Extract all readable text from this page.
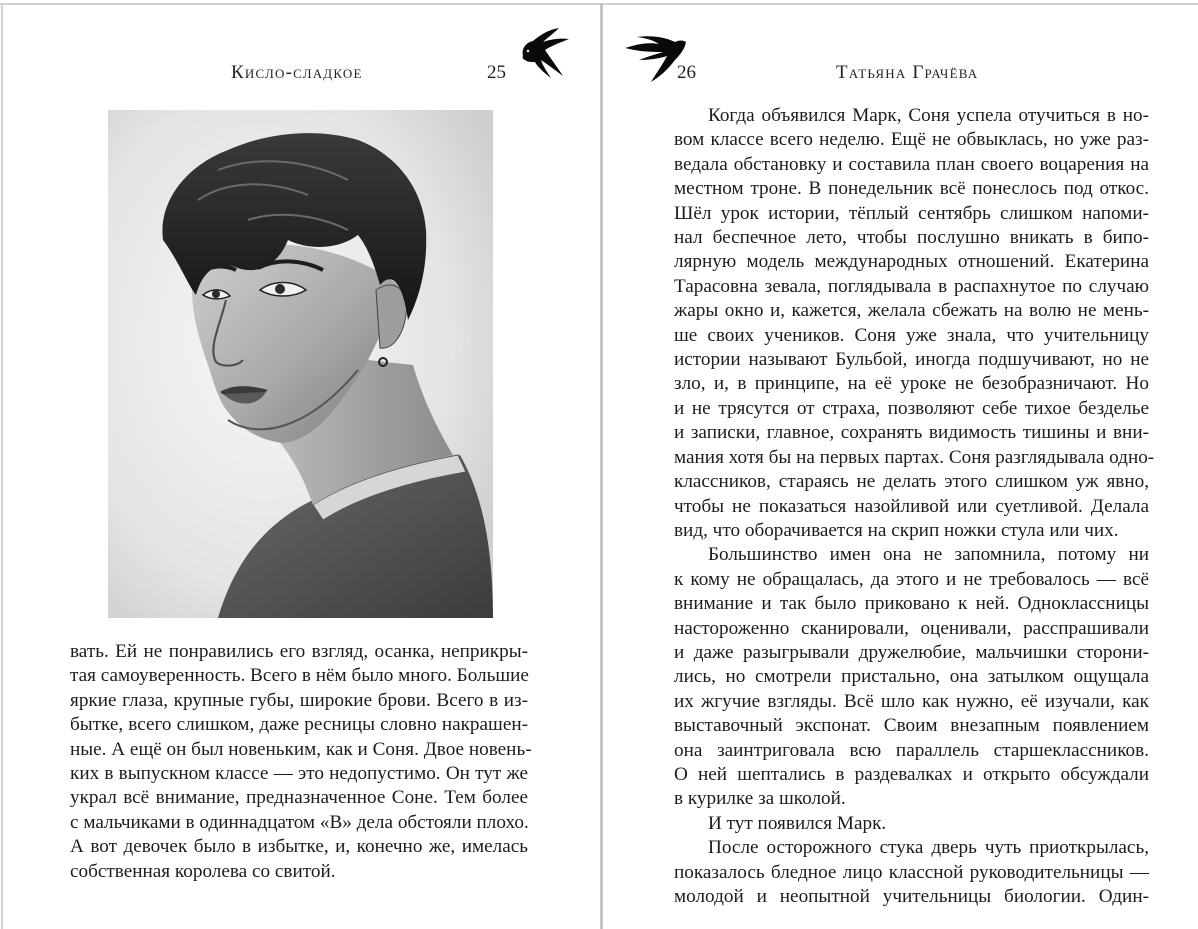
Кисло-сладкое	25

вать. Ей не понравились его взгляд, осанка, неприкры-
тая самоуверенность. Всего в нём было много. Большие
яркие глаза, крупные губы, широкие брови. Всего в из-
бытке, всего слишком, даже ресницы словно накрашен-
ные. А ещё он был новеньким, как и Соня. Двое новень-
ких в выпускном классе — это недопустимо. Он тут же
украл всё внимание, предназначенное Соне. Тем более
с мальчиками в одиннадцатом «В» дела обстояли плохо.
А вот девочек было в избытке, и, конечно же, имелась
собственная королева со свитой.

26	Татьяна Грачёва

Когда объявился Марк, Соня успела отучиться в но-
вом классе всего неделю. Ещё не обвыклась, но уже раз-
ведала обстановку и составила план своего воцарения на
местном троне. В понедельник всё понеслось под откос.
Шёл урок истории, тёплый сентябрь слишком напоми-
нал беспечное лето, чтобы послушно вникать в бипо-
лярную модель международных отношений. Екатерина
Тарасовна зевала, поглядывала в распахнутое по случаю
жары окно и, кажется, желала сбежать на волю не мень-
ше своих учеников. Соня уже знала, что учительницу
истории называют Бульбой, иногда подшучивают, но не
зло, и, в принципе, на её уроке не безобразничают. Но
и не трясутся от страха, позволяют себе тихое безделье
и записки, главное, сохранять видимость тишины и вни-
мания хотя бы на первых партах. Соня разглядывала одно-
классников, стараясь не делать этого слишком уж явно,
чтобы не показаться назойливой или суетливой. Делала
вид, что оборачивается на скрип ножки стула или чих.

Большинство имен она не запомнила, потому ни
к кому не обращалась, да этого и не требовалось — всё
внимание и так было приковано к ней. Одноклассницы
настороженно сканировали, оценивали, расспрашивали
и даже разыгрывали дружелюбие, мальчишки сторони-
лись, но смотрели пристально, она затылком ощущала
их жгучие взгляды. Всё шло как нужно, её изучали, как
выставочный экспонат. Своим внезапным появлением
она заинтриговала всю параллель старшеклассников.
О ней шептались в раздевалках и открыто обсуждали
в курилке за школой.

И тут появился Марк.

После осторожного стука дверь чуть приоткрылась,
показалось бледное лицо классной руководительницы —
молодой и неопытной учительницы биологии. Один-
